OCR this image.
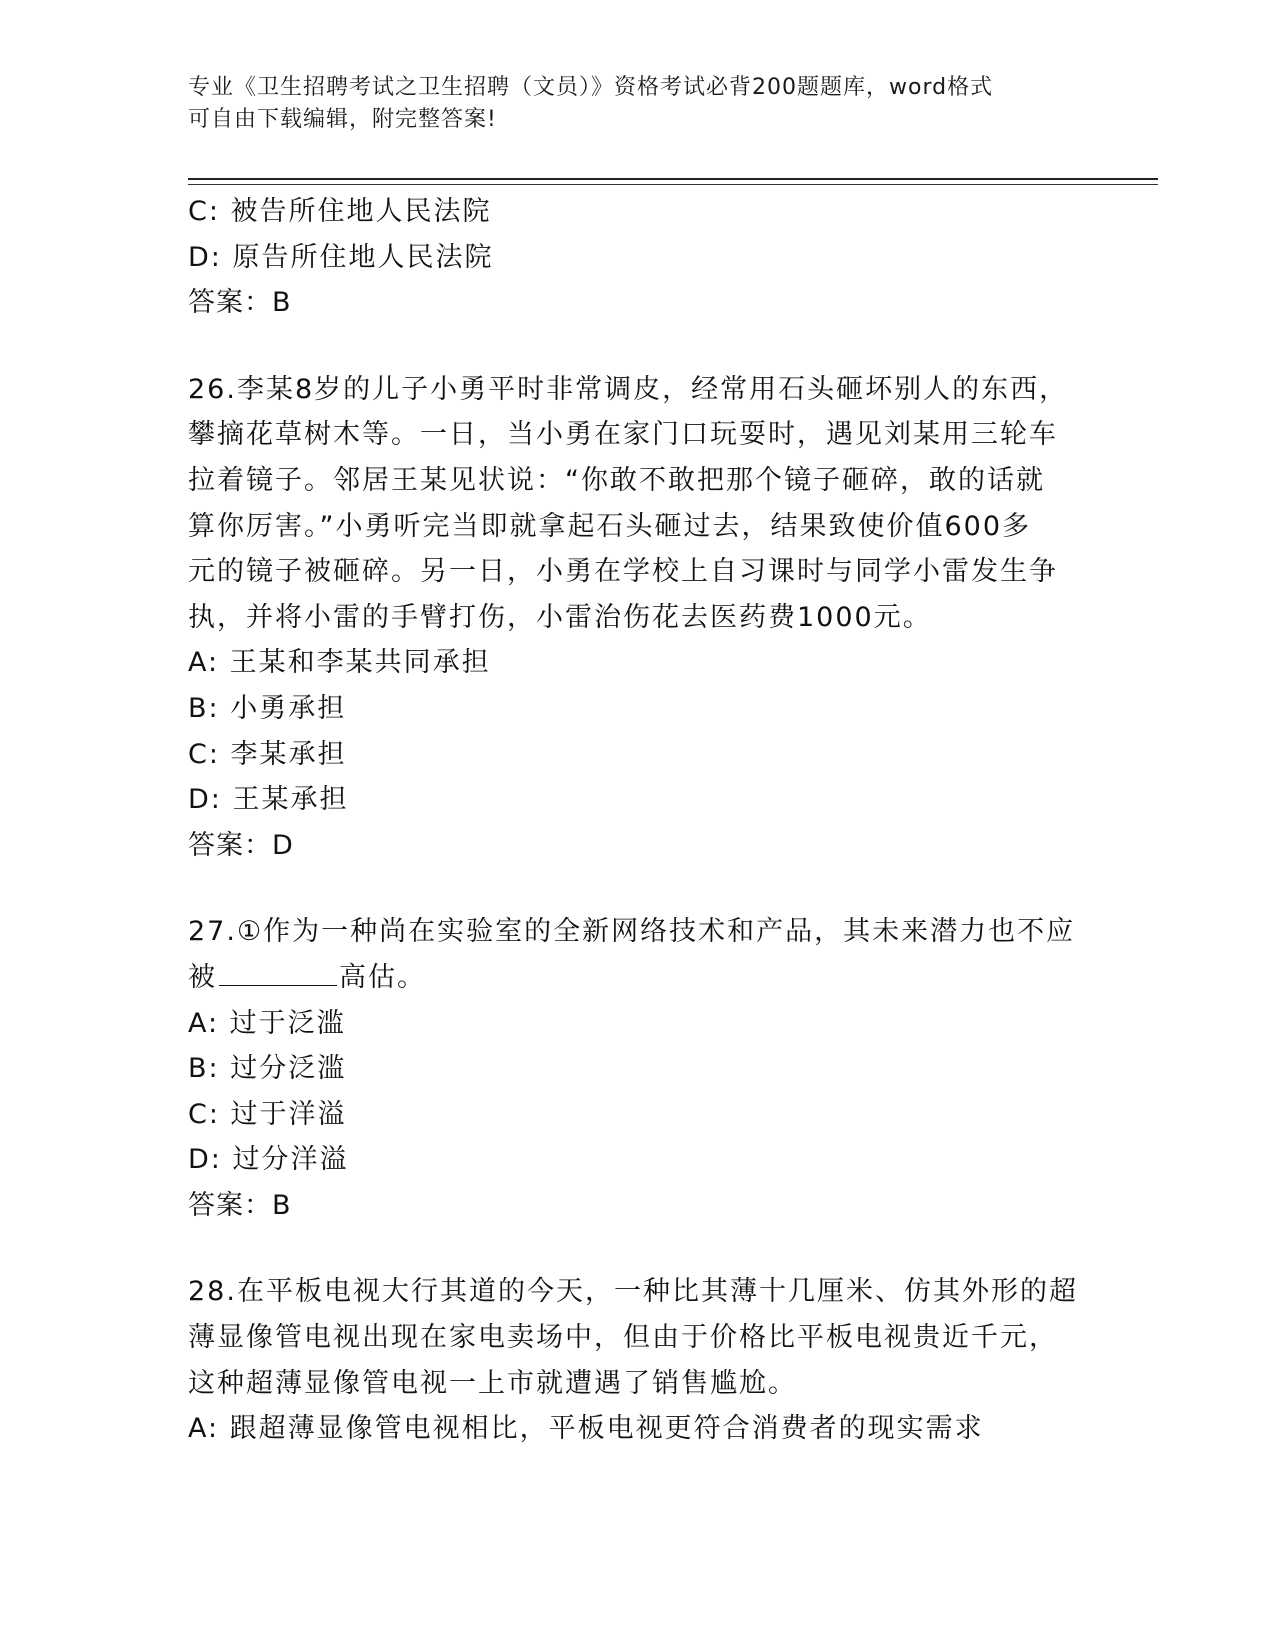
专业《卫生招聘考试之卫生招聘（文员）》资格考试必背200题题库，word格式
可自由下载编辑，附完整答案!
C: 被告所住地人民法院
D: 原告所住地人民法院
答案：B
26.李某8岁的儿子小勇平时非常调皮，经常用石头砸坏别人的东西，
攀摘花草树木等。一日，当小勇在家门口玩耍时，遇见刘某用三轮车
拉着镜子。邻居王某见状说：“你敢不敢把那个镜子砸碎，敢的话就
算你厉害。”小勇听完当即就拿起石头砸过去，结果致使价值600多
元的镜子被砸碎。另一日，小勇在学校上自习课时与同学小雷发生争
执，并将小雷的手臂打伤，小雷治伤花去医药费1000元。
A: 王某和李某共同承担
B: 小勇承担
C: 李某承担
D: 王某承担
答案：D
27.①作为一种尚在实验室的全新网络技术和产品，其未来潜力也不应
被	高估。
A: 过于泛滥
B: 过分泛滥
C: 过于洋溢
D: 过分洋溢
答案：B
28.在平板电视大行其道的今天，一种比其薄十几厘米、仿其外形的超
薄显像管电视出现在家电卖场中，但由于价格比平板电视贵近千元，
这种超薄显像管电视一上市就遭遇了销售尴尬。
A: 跟超薄显像管电视相比，平板电视更符合消费者的现实需求
